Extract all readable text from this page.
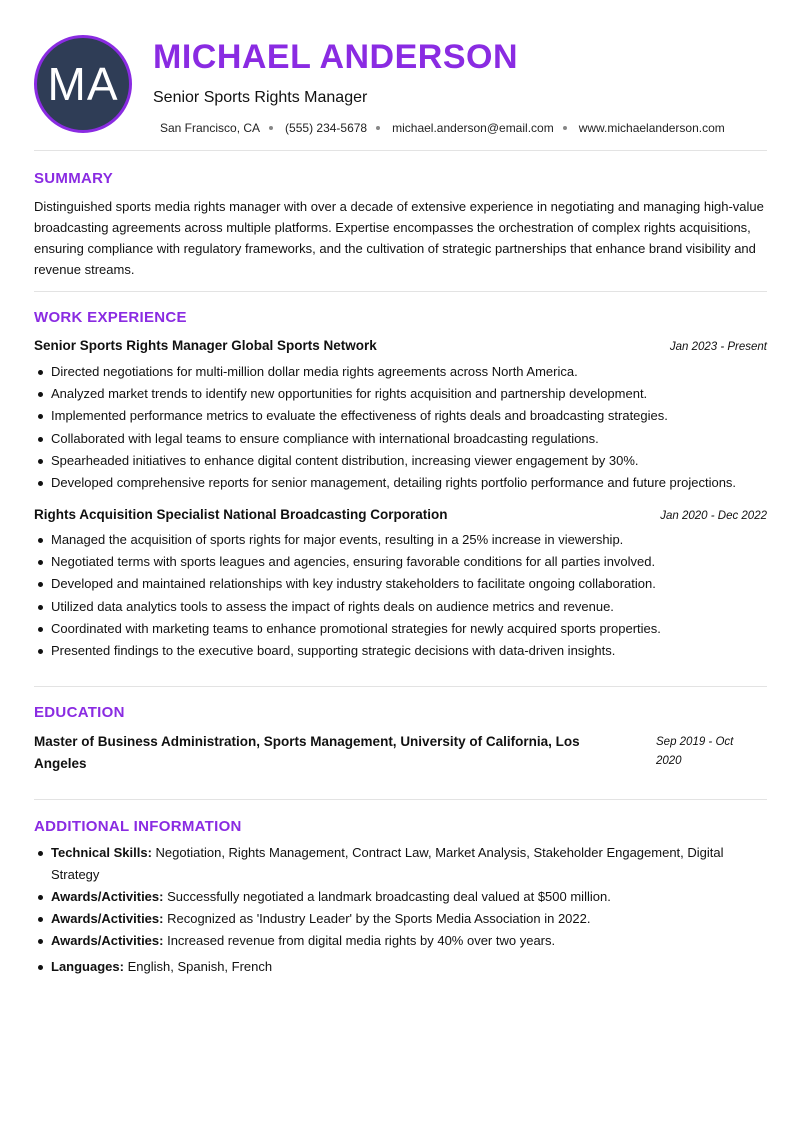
MA
MICHAEL ANDERSON
Senior Sports Rights Manager
San Francisco, CA (555) 234-5678 michael.anderson@email.com www.michaelanderson.com
SUMMARY
Distinguished sports media rights manager with over a decade of extensive experience in negotiating and managing high-value broadcasting agreements across multiple platforms. Expertise encompasses the orchestration of complex rights acquisitions, ensuring compliance with regulatory frameworks, and the cultivation of strategic partnerships that enhance brand visibility and revenue streams.
WORK EXPERIENCE
Senior Sports Rights Manager Global Sports Network	Jan 2023 - Present
Directed negotiations for multi-million dollar media rights agreements across North America.
Analyzed market trends to identify new opportunities for rights acquisition and partnership development.
Implemented performance metrics to evaluate the effectiveness of rights deals and broadcasting strategies.
Collaborated with legal teams to ensure compliance with international broadcasting regulations.
Spearheaded initiatives to enhance digital content distribution, increasing viewer engagement by 30%.
Developed comprehensive reports for senior management, detailing rights portfolio performance and future projections.
Rights Acquisition Specialist National Broadcasting Corporation	Jan 2020 - Dec 2022
Managed the acquisition of sports rights for major events, resulting in a 25% increase in viewership.
Negotiated terms with sports leagues and agencies, ensuring favorable conditions for all parties involved.
Developed and maintained relationships with key industry stakeholders to facilitate ongoing collaboration.
Utilized data analytics tools to assess the impact of rights deals on audience metrics and revenue.
Coordinated with marketing teams to enhance promotional strategies for newly acquired sports properties.
Presented findings to the executive board, supporting strategic decisions with data-driven insights.
EDUCATION
Master of Business Administration, Sports Management, University of California, Los Angeles
Sep 2019 - Oct 2020
ADDITIONAL INFORMATION
Technical Skills: Negotiation, Rights Management, Contract Law, Market Analysis, Stakeholder Engagement, Digital Strategy
Awards/Activities: Successfully negotiated a landmark broadcasting deal valued at $500 million.
Awards/Activities: Recognized as 'Industry Leader' by the Sports Media Association in 2022.
Awards/Activities: Increased revenue from digital media rights by 40% over two years.
Languages: English, Spanish, French
